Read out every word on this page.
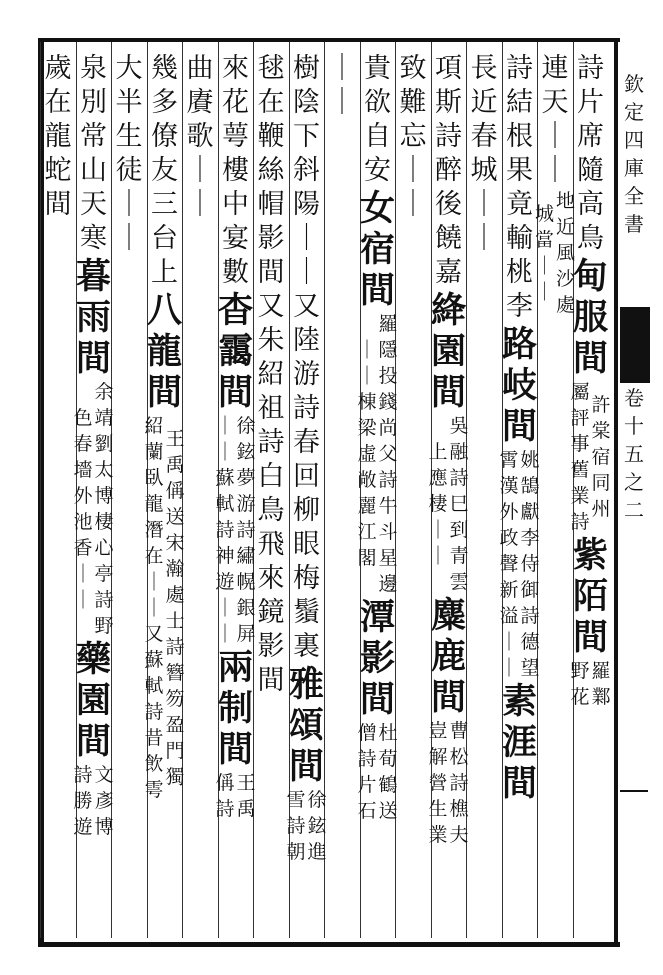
欽
定
四
庫
全
書
卷
十
五
之
二
詩
片
席
隨
高
鳥
甸
服
間
許
棠
宿
同
州
屬
評
事
舊
業
詩
紫
陌
間
羅
鄴
野
花
連
天
｜
｜
地
近
風
沙
處
城
當
｜
｜
詩
結
根
果
竟
輸
桃
李
路
岐
間
姚
鵠
獻
李
侍
御
詩
德
望
霄
漢
外
政
聲
新
溢
｜
｜
素
涯
間
長
近
春
城
｜
｜
項
斯
詩
醉
後
饒
嘉
絳
園
間
吳
融
詩
巳
到
青
雲
上
應
棲
｜
｜
麋
鹿
間
曹
松
詩
樵
夫
豈
解
營
生
業
致
難
忘
｜
｜
貴
欲
自
安
女
宿
間
羅
隱
投
錢
尚
父
詩
牛
斗
星
邊
｜
｜
棟
梁
虛
敞
麗
江
閣
潭
影
間
杜
荀
鶴
送
僧
詩
片
石
｜
｜
樹
陰
下
斜
陽
｜
｜
又
陸
游
詩
春
回
柳
眼
梅
鬚
裏
雅
頌
間
徐
鉉
進
雪
詩
朝
毬
在
鞭
絲
帽
影
間
又
朱
紹
祖
詩
白
鳥
飛
來
鏡
影
間
來
花
萼
樓
中
宴
數
杳
靄
間
徐
鉉
夢
游
詩
繡
幌
銀
屏
｜
｜
蘇
軾
詩
神
遊
｜
｜
兩
制
間
王
禹
偁
詩
曲
賡
歌
｜
｜
幾
多
僚
友
三
台
上
八
龍
間
王
禹
偁
送
宋
瀚
處
士
詩
簪
笏
盈
門
獨
紹
蘭
臥
龍
潛
在
｜
｜
又
蘇
軾
詩
昔
飲
雩
大
半
生
徒
｜
｜
泉
別
常
山
天
寒
暮
雨
間
余
靖
劉
太
博
棲
心
亭
詩
野
色
春
墻
外
池
香
｜
｜
藥
園
間
文
彥
博
詩
勝
遊
歲
在
龍
蛇
間
